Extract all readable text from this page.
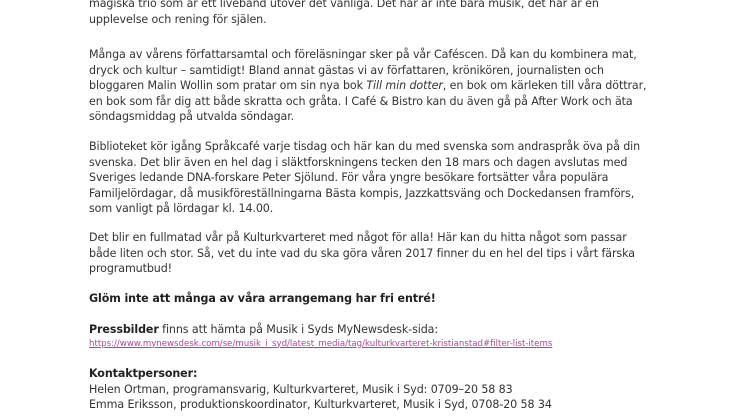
magiska trio som är ett liveband utöver det vanliga. Det här är inte bara musik, det här är en
upplevelse och rening för själen.
Många av vårens författarsamtal och föreläsningar sker på vår Caféscen. Då kan du kombinera mat,
dryck och kultur – samtidigt! Bland annat gästas vi av författaren, krönikören, journalisten och
bloggaren Malin Wollin som pratar om sin nya bok Till min dotter, en bok om kärleken till våra döttrar,
en bok som får dig att både skratta och gråta. I Café & Bistro kan du även gå på After Work och äta
söndagsmiddag på utvalda söndagar.
Biblioteket kör igång Språkcafé varje tisdag och här kan du med svenska som andraspråk öva på din
svenska. Det blir även en hel dag i släktforskningens tecken den 18 mars och dagen avslutas med
Sveriges ledande DNA-forskare Peter Sjölund. För våra yngre besökare fortsätter våra populära
Familjelördagar, då musikföreställningarna Bästa kompis, Jazzkattsväng och Dockedansen framförs,
som vanligt på lördagar kl. 14.00.
Det blir en fullmatad vår på Kulturkvarteret med något för alla! Här kan du hitta något som passar
både liten och stor. Så, vet du inte vad du ska göra våren 2017 finner du en hel del tips i vårt färska
programutbud!
Glöm inte att många av våra arrangemang har fri entré!
Pressbilder finns att hämta på Musik i Syds MyNewsdesk-sida:
https://www.mynewsdesk.com/se/musik_i_syd/latest_media/tag/kulturkvarteret-kristianstad#filter-list-items
Kontaktpersoner:
Helen Ortman, programansvarig, Kulturkvarteret, Musik i Syd: 0709–20 58 83
Emma Eriksson, produktionskoordinator, Kulturkvarteret, Musik i Syd, 0708-20 58 34
